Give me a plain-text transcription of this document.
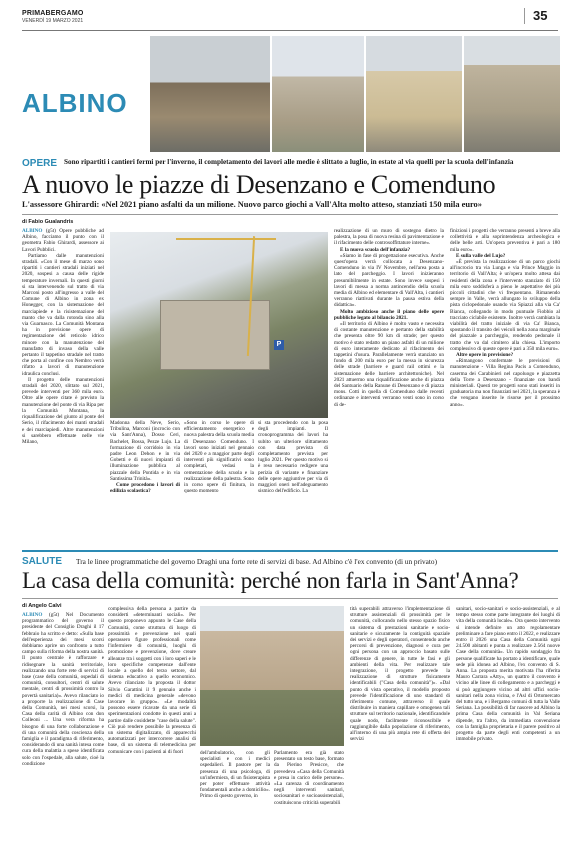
PRIMABERGAMO
VENERDÌ 19 MARZO 2021	35
ALBINO
OPERE Sono ripartiti i cantieri fermi per l'inverno, il completamento dei lavori alle medie è slittato a luglio, in estate al via quelli per la scuola dell'infanzia
A nuovo le piazze di Desenzano e Comenduno
L'assessore Ghirardi: «Nel 2021 piano asfalti da un milione. Nuovo parco giochi a Vall'Alta molto atteso, stanziati 150 mila euro»
di Fabio Gualandris

ALBINO (g5t) Opere pubbliche ad Albino, facciamo il punto con il geometra Fabio Ghirardi, assessore ai Lavori Pubblici.

Partiamo dalle manutenzioni stradali. «Con il mese di marzo sono ripartiti i cantieri stradali iniziati nel 2020, sospesi a causa delle rigide temperature invernali. In questi giorni si sta intervenendo sul tratto di via Marconi posto all'ingresso a valle del Comune di Albino in zona ex Honegger, con la sistemazione del marciapiede e la risistemazione del manto che va dalla rotonda sino alla via Guarnasco. La Comunità Montana ha in previsione opere di regimentazione del reticolo idrico minore con la manutenzione del manufatto di invaso della valle pertanto il tappetino stradale nel tratto che porta al confine con Nembro verrà rifatto a lavori di manutenzione idraulica conclusi.

Il progetto delle manutenzioni stradali del 2020, slittato sul 2021, prevede interventi per 360 mila euro. Oltre alle opere citate è previsto la manutenzione del ponte di via Ripa per la Comunità Montana, la riqualificazione del giunto al ponte del Serio, il rifacimento dei manti stradali e dei marciapiedi. Altre manutenzioni si sarebbero effettuate nelle vie Milano,

P

Madonna della Neve, Serio, Tribulina, Marconi (incrocio con via Sant'Anna), Dosso Ceri, Bachelet, Bossa, Pezze Lujo. La formazione di corridoio in via padre Leon Dehon e in via Gobetti e di nuovi impianti di illuminazione pubblica al piazzale della Pontida e in via Santissima Trinità».

Come procedono i lavori di edilizia scolastica?

«Sono in corso le opere di efficientamento energetico e nuova palestra della scuola media di Desenzano Comenduno. I lavori sono iniziati nel gennaio del 2020 e a maggior parte degli interventi più significativi sono completati, vedasi la cementazione della scuola e la realizzazione della palestra. Sono in corso opere di finitura, in questo momento

si sta procedendo con la posa degli impianti. Il cronoprogramma dei lavori ha subito un ulteriore slittamento con data prevista di completamento prevista per luglio 2021. Per questo motivo si è reso necessario redigere una perizia di variante e finanziare delle opere aggiuntive per via di maggiori oneri nell'adeguamento sismico dell'edificio. La

realizzazione di un muro di sostegno dietro la palestra, la posa di nuova resina di pavimentazione e il rifacimento delle controsoffittature interne».

E la nuova scuola dell'infanzia?

«Siamo in fase di progettazione esecutiva. Anche quest'opera verrà collocata a Desenzano-Comenduno in via IV Novembre, nell'area posta a lato del parcheggio. I lavori inizieranno presumibilmente in estate. Sono invece sospesi i lavori di messa a norma antincendio della scuola media di Albino ed elementare di Vall'Alta, i cantieri verranno riattivati durante la pausa estiva della didattica».

Molto ambizioso anche il piano delle opere pubbliche legato al bilancio 2021.

«Il territorio di Albino è molto vasto e necessita di costante manutenzione e pertanto della stabilità che presenta oltre 90 km di strade; per questo motivo è stato redatto un piano asfalti di un milione di euro interamente dedicato al rifacimento dei tappetini d'usura. Parallelamente verrà stanziato un fondo di 200 mila euro per la messa in sicurezza delle strade (barriere e guard rail ottimi e la sistemazione delle barriere architettoniche). Nel 2021 attuermo una riqualificazione anche di piazza del Santuario della Ranune di Desenzano e di piazza mons. Cotti in quella di Comenduno dalle recenti ordinanze e interventi verranno venti sono in corso di de-

finizioni i progetti che verranno presenti a breve alla collettività e alla soprintendenza archeologica e delle belle arti. Un'opera preventiva è pari a 180 mila euro».

E sulla valle del Lujo?

«È prevista la realizzazione di un parco giochi all'incrocio tra via Lunga e via Prince Maggio in territorio di Vall'Alta; è un'opera molto attesa dai residenti della zona e l'intervento stanziato di 150 mila euro soddisferà a pieno le aspettative dei più piccoli cittadini che vi frequentano. Rimanendo sempre in Valle, verrà allungato lo sviluppo della pista ciclopedonale usando via Spiazzi alla via Ca' Bianca, collegando in modo puntuale Fiobbio al tracciato ciclabile esistente. Inoltre verrà cambiata la viabilità del tratto iniziale di via Ca' Bianca, spostando il transito dei veicoli nella zona marginale del piazzale a parcheggio, rendendo pedonale il tratto che va dal cimitero alla chiesa. L'importo complessivo di queste opere è pari a 350 mila euro».

Altre opere in previsione?

«Rimangono confermate le previsioni di manutenzione - Villa Regina Pacis a Comenduno, caserma dei Carabinieri nel capoluogo e piazzetta della Torre a Desenzano - finanziate con bandi ministeriali. Questi tre progetti sono stati inseriti in graduatoria ma non finanziati nel 2021, la speranza è che vengano inserite le risorse per il prossimo anno».

SALUTE Tra le linee programmatiche del governo Draghi una forte rete di servizi di base. Ad Albino c'è l'ex convento (di un privato)
La casa della comunità: perché non farla in Sant'Anna?
di Angelo Calvi

ALBINO (g5t) Nel Documento programmatico del governo il presidente del Consiglio Draghi il 17 febbraio ha scritto e detto: «Sulla base dell'esperienza dei mesi scorsi dobbiamo aprire un confronto a tutto campo sulla riforma della nostra sanità. Il punto centrale è rafforzare e ridisegnare la sanità territoriale, realizzando una forte rete di servizi di base (case della comunità, ospedali di comunità, consultori, centri di salute mentale, centri di prossimità contro la povertà sanitaria)». Avevo rilanciato io a proporre la realizzazione di Case della Comunità, nei mesi scorsi, la Casa della carità di Albino con don Colleoni ... Una vera riforma ha bisogno di una forte collaborazione e di una comunità della coscienza della famiglia e il paradigma di riferimento, considerando di una sanità intesa come cura della malattia a spese identificata solo con l'ospedale, alla salute, cioè la condizione

complessiva della persona a partire da considerti «determinanti sociali». Per questo proponevo appunto le Case della Comunità, come struttura di luogo di prossimità e prevenzione nei quali operassero figure professionali come l'infermiere di comunità, luoghi di promozione e prevenzione, dove creare alleanze tra i soggetti con i loro saperi e le loro specifiche competenze dall'ente locale a quello del terzo settore, dal sistema educativo a quello economico. Avevo rilanciato la proposta il dottor Silvio Garattini il 9 gennaio anche i medici di medicina generale «devono lavorare in gruppo». «Le modalità possono essere ricavate da una serie di sperimentazioni condotte in questi anni a partire dalle cosiddette "case della salute". Ciò può rendere possibile la presenza di un sistema digitalizzato, di apparecchi automatizzati per intercorrere analisi di base, di un sistema di telemedicina per comunicare con i pazienti ai di fuori	dell'ambulatorio, con gli specialisti e con i medici ospedalieri. Il pastore per la presenza di una psicologa, di un'infermiera, di un fisioterapista per poter effettuare attività fondamentali anche a domicilio». Primo di questo governo, in

Parlamento era già stato presentato un testo base, formato da Pierino Presicce, che prevedeva «Casa della Comunità e presa in carico delle persone». «La carenza di coordinamento negli interventi sanitari, sociosanitari e socioassistenziali, costituiscono criticità superabili

tità superabili attraverso l'implementazione di strutture assistenziali di prossimità per le comunità, collocando nello stesso spazio fisico un sistema di prestazioni sanitarie e socio-sanitarie e sicuramente la contiguità spaziale dei servizi e degli operatori, consentendo anche percorsi di prevenzione, diagnosi e cura per ogni persona con un approccio basato sulle differenze di genere, in tutte le fasi e gli ambienti della vita. Per realizzare tale integrazione, il progetto prevede la realizzazione di strutture fisicamente identificabili ("Casa della comunità")». «Dal punto di vista operativo, il modello proposto prevede l'identificazione di uno standard di riferimento comune, attraverso il quale distribuire in maniera capillare e omogenea tali strutture sul territorio nazionale, identificandole quale nodo, facilmente riconoscibile e raggiungibile dalla popolazione di riferimento, all'interno di una più ampia rete di offerta dei servizi

sanitari, socio-sanitari e socio-assistenziali, e al tempo stesso come parte integrante dei luoghi di vita della comunità locale». Ora questo intervento si intende definire un atto regolamentare preliminare a fare piano entro il 2022, e realizzare entro il 2026 una Casa della Comunità ogni 24.500 abitanti e punta a realizzare 2.564 nuove Case della comunità». Un rapido sondaggio fra persone qualificate ha portato a identificare, quale sede più idonea ad Albino, l'ex convento di S. Anna. La proposta merita motivata l'ha riferita Mauro Carrara «Atty», un quattro il convento è vicino alle linee di collegamento e a parcheggi e si può aggiungere vicino ad altri uffici socio-sanitari nella zona vicina, e l'Asl di Ortomercato del tutto una, e i Bergamo comuni di tutta la Valle Seriana. La possibilità di far nascere ad Albino la prima Casa della comunità in Val Seriana dipende, tra l'altro, da immediata convenzione con la famiglia proprietaria e il parere positivo al progetto da parte degli enti competenti a un immobile privato.
